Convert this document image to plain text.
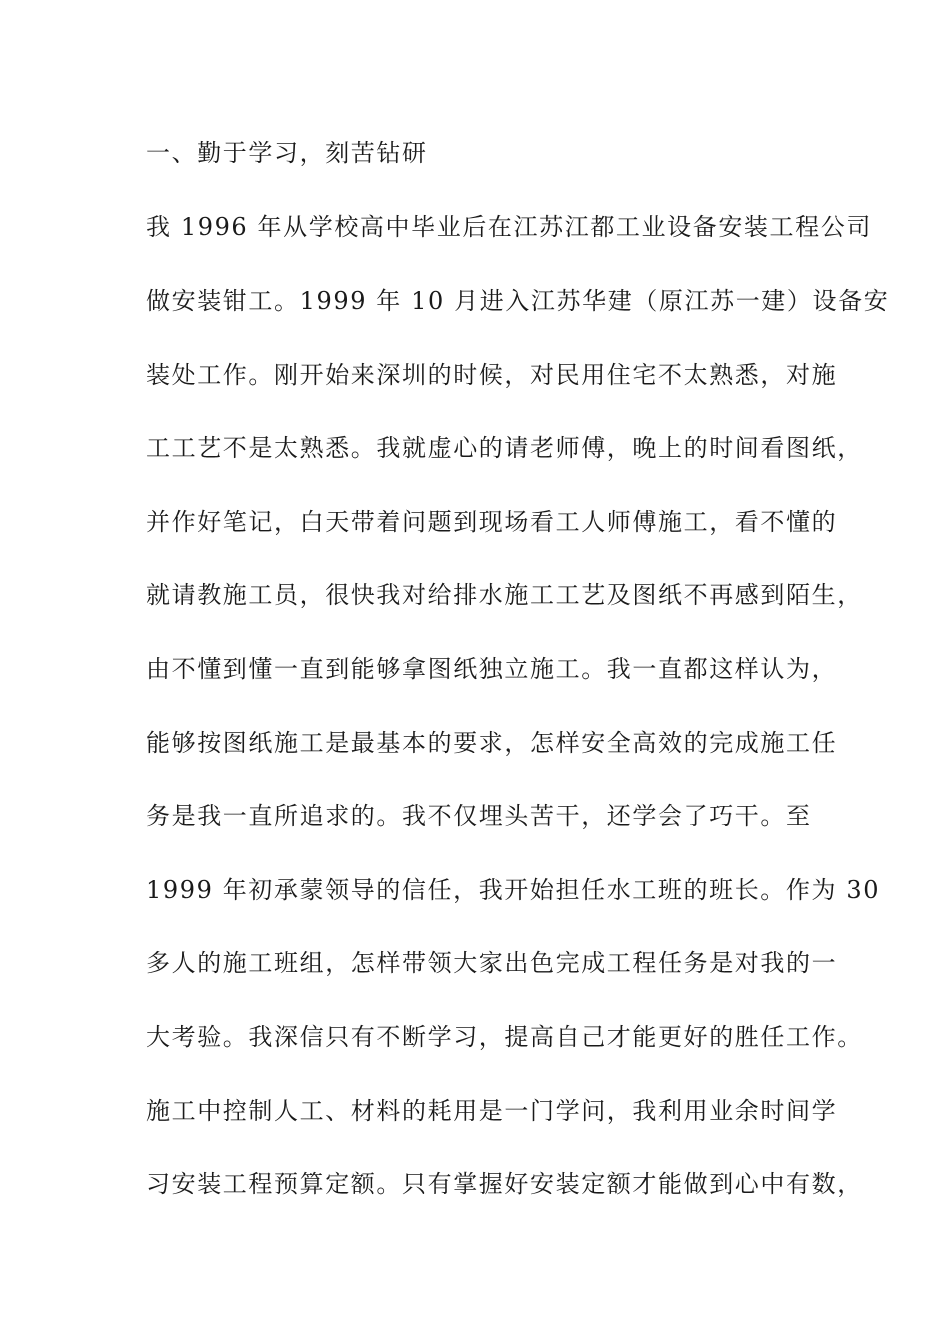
一、勤于学习，刻苦钻研
我 1996 年从学校高中毕业后在江苏江都工业设备安装工程公司
做安装钳工。1999 年 10 月进入江苏华建（原江苏一建）设备安
装处工作。刚开始来深圳的时候，对民用住宅不太熟悉，对施
工工艺不是太熟悉。我就虚心的请老师傅，晚上的时间看图纸，
并作好笔记，白天带着问题到现场看工人师傅施工，看不懂的
就请教施工员，很快我对给排水施工工艺及图纸不再感到陌生，
由不懂到懂一直到能够拿图纸独立施工。我一直都这样认为，
能够按图纸施工是最基本的要求，怎样安全高效的完成施工任
务是我一直所追求的。我不仅埋头苦干，还学会了巧干。至
1999 年初承蒙领导的信任，我开始担任水工班的班长。作为 30
多人的施工班组，怎样带领大家出色完成工程任务是对我的一
大考验。我深信只有不断学习，提高自己才能更好的胜任工作。
施工中控制人工、材料的耗用是一门学问，我利用业余时间学
习安装工程预算定额。只有掌握好安装定额才能做到心中有数，
